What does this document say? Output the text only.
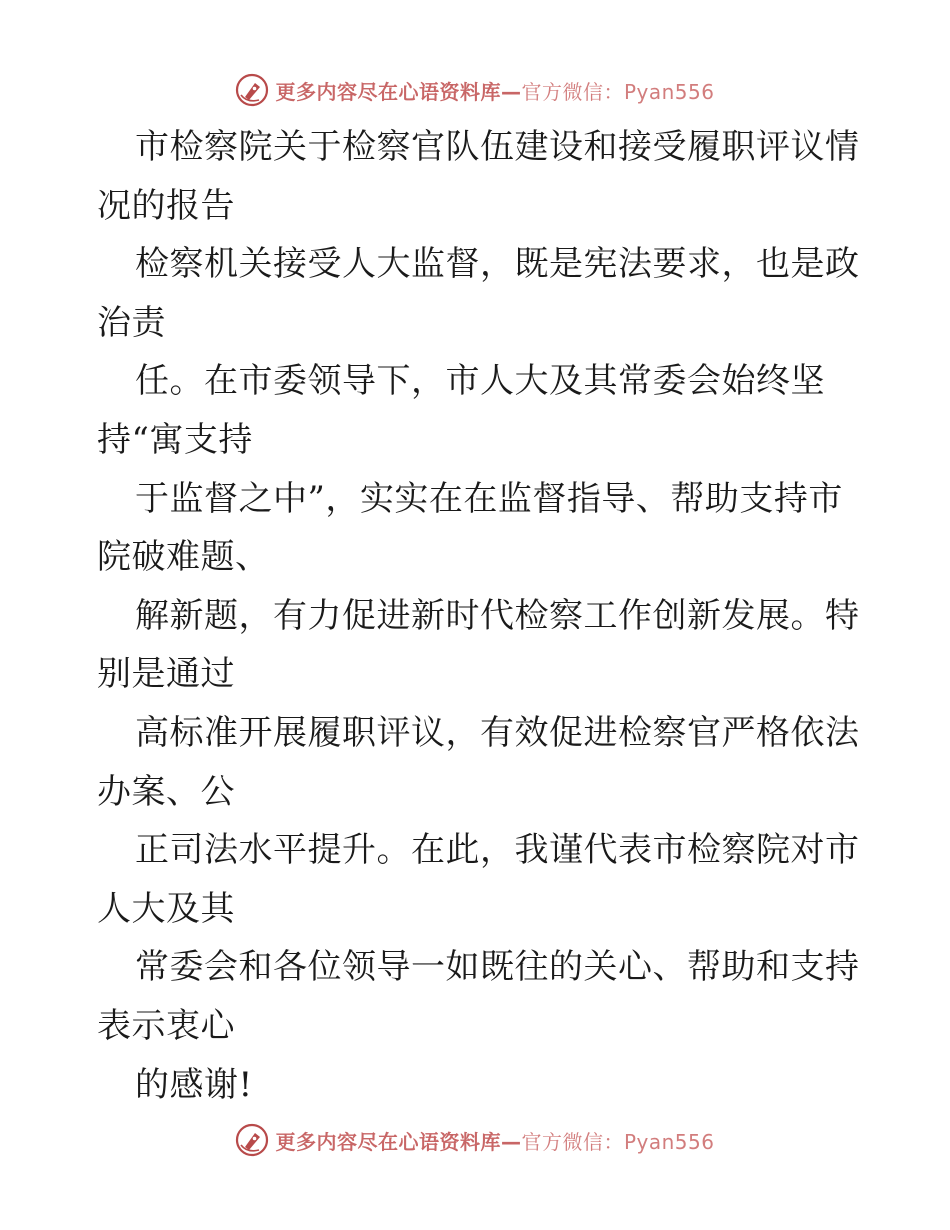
更多内容尽在心语资料库—官方微信：Pyan556
市检察院关于检察官队伍建设和接受履职评议情
况的报告
检察机关接受人大监督，既是宪法要求，也是政
治责
任。在市委领导下，市人大及其常委会始终坚
持“寓支持
于监督之中”，实实在在监督指导、帮助支持市
院破难题、
解新题，有力促进新时代检察工作创新发展。特
别是通过
高标准开展履职评议，有效促进检察官严格依法
办案、公
正司法水平提升。在此，我谨代表市检察院对市
人大及其
常委会和各位领导一如既往的关心、帮助和支持
表示衷心
的感谢!
更多内容尽在心语资料库—官方微信：Pyan556
